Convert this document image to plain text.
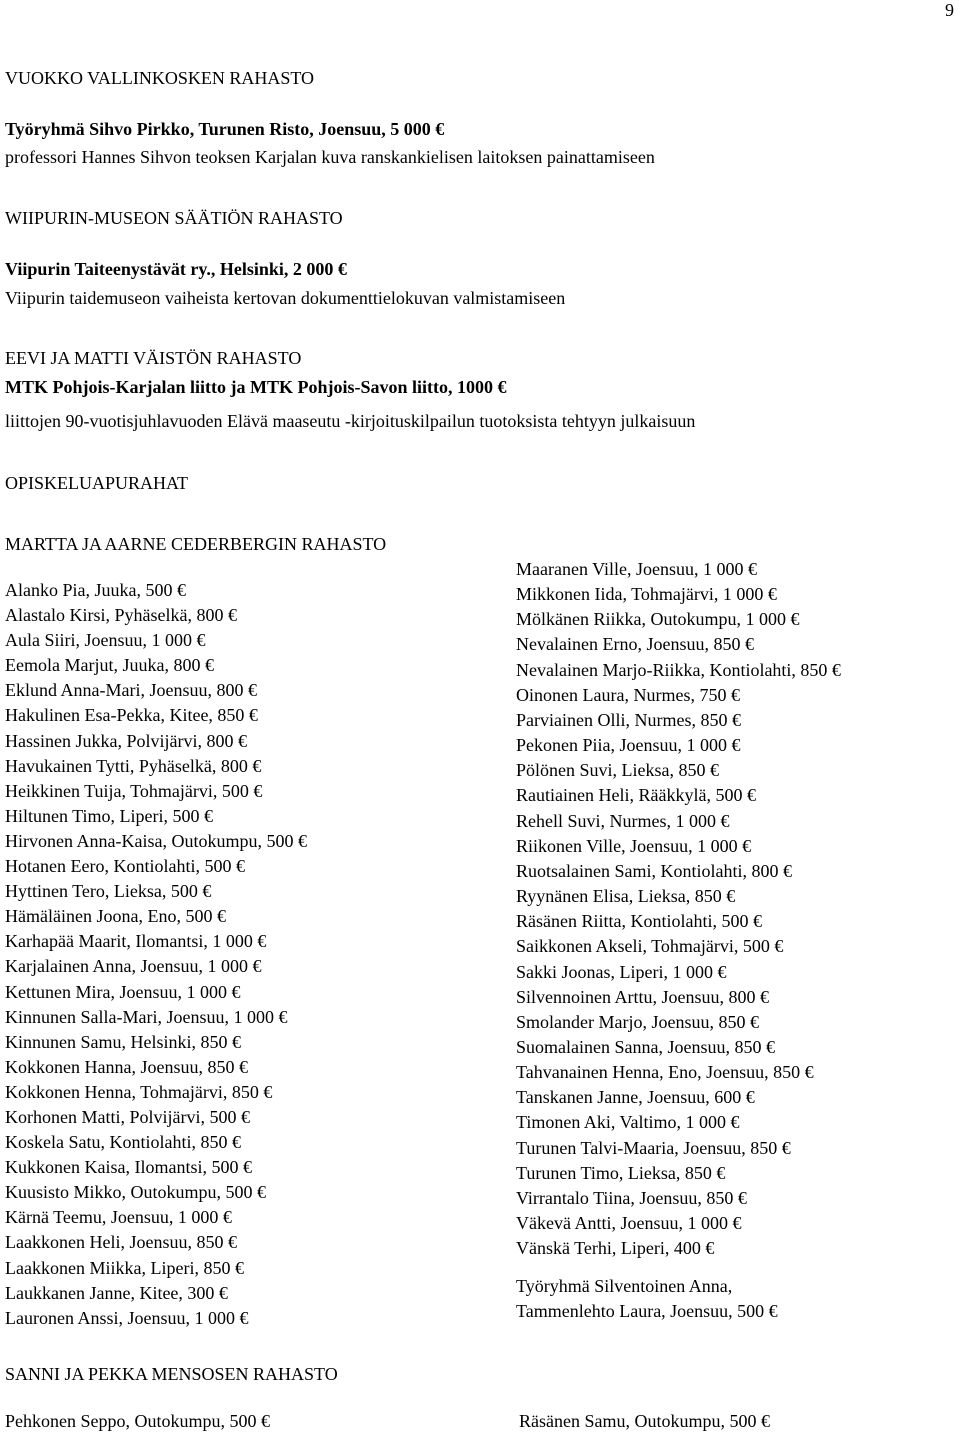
9
VUOKKO VALLINKOSKEN RAHASTO
Työryhmä Sihvo Pirkko, Turunen Risto, Joensuu, 5 000 €
professori Hannes Sihvon teoksen Karjalan kuva ranskankielisen laitoksen painattamiseen
WIIPURIN-MUSEON SÄÄTIÖN RAHASTO
Viipurin Taiteenystävät ry., Helsinki, 2 000 €
Viipurin taidemuseon vaiheista kertovan dokumenttielokuvan valmistamiseen
EEVI JA MATTI VÄISTÖN RAHASTO
MTK Pohjois-Karjalan liitto ja MTK Pohjois-Savon liitto, 1000 €
liittojen 90-vuotisjuhlavuoden Elävä maaseutu -kirjoituskilpailun tuotoksista tehtyyn julkaisuun
OPISKELUAPURAHAT
MARTTA JA AARNE CEDERBERGIN RAHASTO
Alanko Pia, Juuka, 500 €
Alastalo Kirsi, Pyhäselkä, 800 €
Aula Siiri, Joensuu, 1 000 €
Eemola Marjut, Juuka, 800 €
Eklund Anna-Mari, Joensuu, 800 €
Hakulinen Esa-Pekka, Kitee, 850 €
Hassinen Jukka, Polvijärvi, 800 €
Havukainen Tytti, Pyhäselkä, 800 €
Heikkinen Tuija, Tohmajärvi, 500 €
Hiltunen Timo, Liperi, 500 €
Hirvonen Anna-Kaisa, Outokumpu, 500 €
Hotanen Eero, Kontiolahti, 500 €
Hyttinen Tero, Lieksa, 500 €
Hämäläinen Joona, Eno, 500 €
Karhapää Maarit, Ilomantsi, 1 000 €
Karjalainen Anna, Joensuu, 1 000 €
Kettunen Mira, Joensuu, 1 000 €
Kinnunen Salla-Mari, Joensuu, 1 000 €
Kinnunen Samu, Helsinki, 850 €
Kokkonen Hanna, Joensuu, 850 €
Kokkonen Henna, Tohmajärvi, 850 €
Korhonen Matti, Polvijärvi, 500 €
Koskela Satu, Kontiolahti, 850 €
Kukkonen Kaisa, Ilomantsi, 500 €
Kuusisto Mikko, Outokumpu, 500 €
Kärnä Teemu, Joensuu, 1 000 €
Laakkonen Heli, Joensuu, 850 €
Laakkonen Miikka, Liperi, 850 €
Laukkanen Janne, Kitee, 300 €
Lauronen Anssi, Joensuu, 1 000 €
Maaranen Ville, Joensuu, 1 000 €
Mikkonen Iida, Tohmajärvi, 1 000 €
Mölkänen Riikka, Outokumpu, 1 000 €
Nevalainen Erno, Joensuu, 850 €
Nevalainen Marjo-Riikka, Kontiolahti, 850 €
Oinonen Laura, Nurmes, 750 €
Parviainen Olli, Nurmes, 850 €
Pekonen Piia, Joensuu, 1 000 €
Pölönen Suvi, Lieksa, 850 €
Rautiainen Heli, Rääkkylä, 500 €
Rehell Suvi, Nurmes, 1 000 €
Riikonen Ville, Joensuu, 1 000 €
Ruotsalainen Sami, Kontiolahti, 800 €
Ryynänen Elisa, Lieksa, 850 €
Räsänen Riitta, Kontiolahti, 500 €
Saikkonen Akseli, Tohmajärvi, 500 €
Sakki Joonas, Liperi, 1 000 €
Silvennoinen Arttu, Joensuu, 800 €
Smolander Marjo, Joensuu, 850 €
Suomalainen Sanna, Joensuu, 850 €
Tahvanainen Henna, Eno, Joensuu, 850 €
Tanskanen Janne, Joensuu, 600 €
Timonen Aki, Valtimo, 1 000 €
Turunen Talvi-Maaria, Joensuu, 850 €
Turunen Timo, Lieksa, 850 €
Virrantalo Tiina, Joensuu, 850 €
Väkevä Antti, Joensuu, 1 000 €
Vänskä Terhi, Liperi, 400 €
Työryhmä Silventoinen Anna,
Tammenlehto Laura, Joensuu, 500 €
SANNI JA PEKKA MENSOSEN RAHASTO
Pehkonen Seppo, Outokumpu, 500 €	Räsänen Samu, Outokumpu, 500 €
